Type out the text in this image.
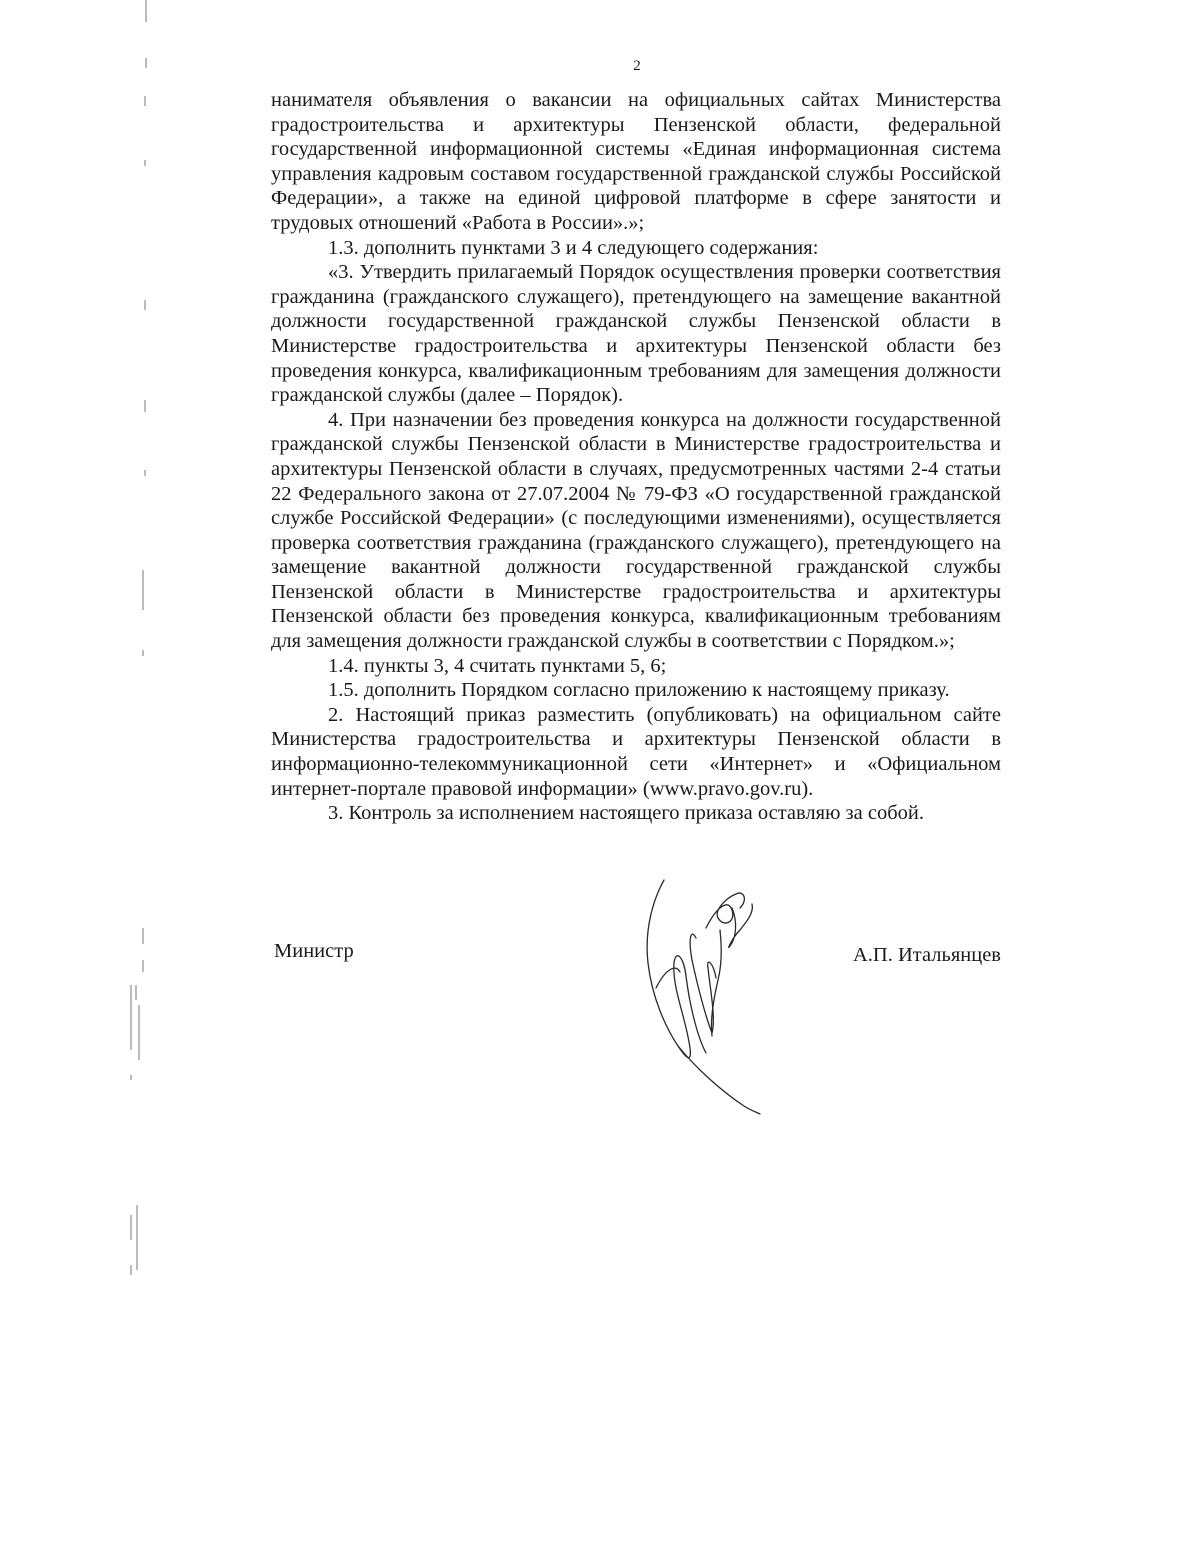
2

нанимателя объявления о вакансии на официальных сайтах Министерства градостроительства и архитектуры Пензенской области, федеральной государственной информационной системы «Единая информационная система управления кадровым составом государственной гражданской службы Российской Федерации», а также на единой цифровой платформе в сфере занятости и трудовых отношений «Работа в России».»;

1.3. дополнить пунктами 3 и 4 следующего содержания:

«3. Утвердить прилагаемый Порядок осуществления проверки соответствия гражданина (гражданского служащего), претендующего на замещение вакантной должности государственной гражданской службы Пензенской области в Министерстве градостроительства и архитектуры Пензенской области без проведения конкурса, квалификационным требованиям для замещения должности гражданской службы (далее – Порядок).

4. При назначении без проведения конкурса на должности государственной гражданской службы Пензенской области в Министерстве градостроительства и архитектуры Пензенской области в случаях, предусмотренных частями 2-4 статьи 22 Федерального закона от 27.07.2004 № 79-ФЗ «О государственной гражданской службе Российской Федерации» (с последующими изменениями), осуществляется проверка соответствия гражданина (гражданского служащего), претендующего на замещение вакантной должности государственной гражданской службы Пензенской области в Министерстве градостроительства и архитектуры Пензенской области без проведения конкурса, квалификационным требованиям для замещения должности гражданской службы в соответствии с Порядком.»;

1.4. пункты 3, 4 считать пунктами 5, 6;

1.5. дополнить Порядком согласно приложению к настоящему приказу.

2. Настоящий приказ разместить (опубликовать) на официальном сайте Министерства градостроительства и архитектуры Пензенской области в информационно-телекоммуникационной сети «Интернет» и «Официальном интернет-портале правовой информации» (www.pravo.gov.ru).

3. Контроль за исполнением настоящего приказа оставляю за собой.

Министр	А.П. Итальянцев
